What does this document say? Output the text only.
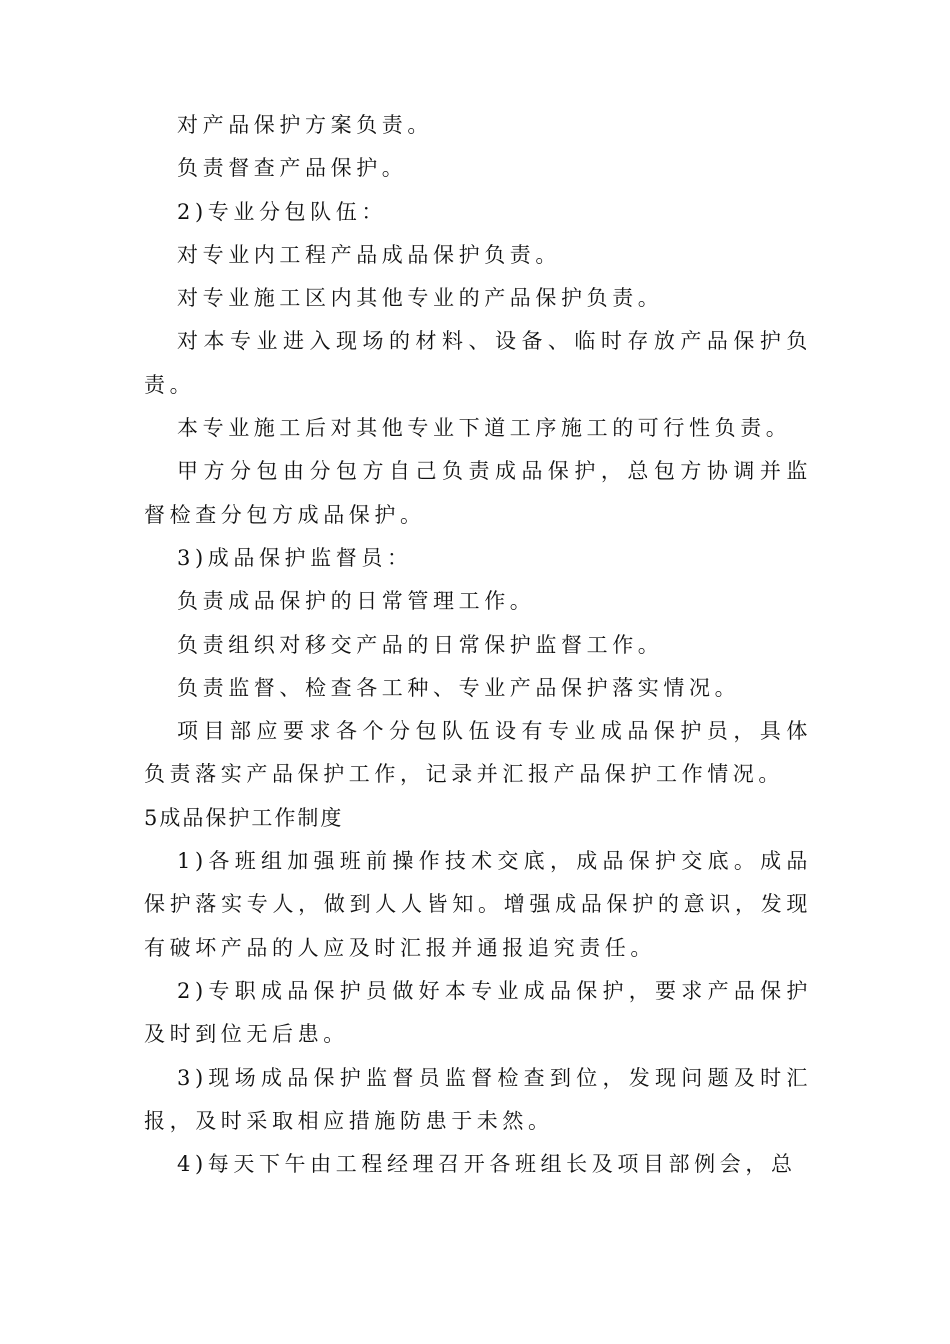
对产品保护方案负责。

负责督查产品保护。

2)专业分包队伍：

对专业内工程产品成品保护负责。

对专业施工区内其他专业的产品保护负责。

对本专业进入现场的材料、设备、临时存放产品保护负责。

本专业施工后对其他专业下道工序施工的可行性负责。

甲方分包由分包方自己负责成品保护，总包方协调并监督检查分包方成品保护。

3)成品保护监督员：

负责成品保护的日常管理工作。

负责组织对移交产品的日常保护监督工作。

负责监督、检查各工种、专业产品保护落实情况。

项目部应要求各个分包队伍设有专业成品保护员，具体负责落实产品保护工作，记录并汇报产品保护工作情况。

5成品保护工作制度

1)各班组加强班前操作技术交底，成品保护交底。成品保护落实专人，做到人人皆知。增强成品保护的意识，发现有破坏产品的人应及时汇报并通报追究责任。

2)专职成品保护员做好本专业成品保护，要求产品保护及时到位无后患。

3)现场成品保护监督员监督检查到位，发现问题及时汇报，及时采取相应措施防患于未然。

4)每天下午由工程经理召开各班组长及项目部例会，总
